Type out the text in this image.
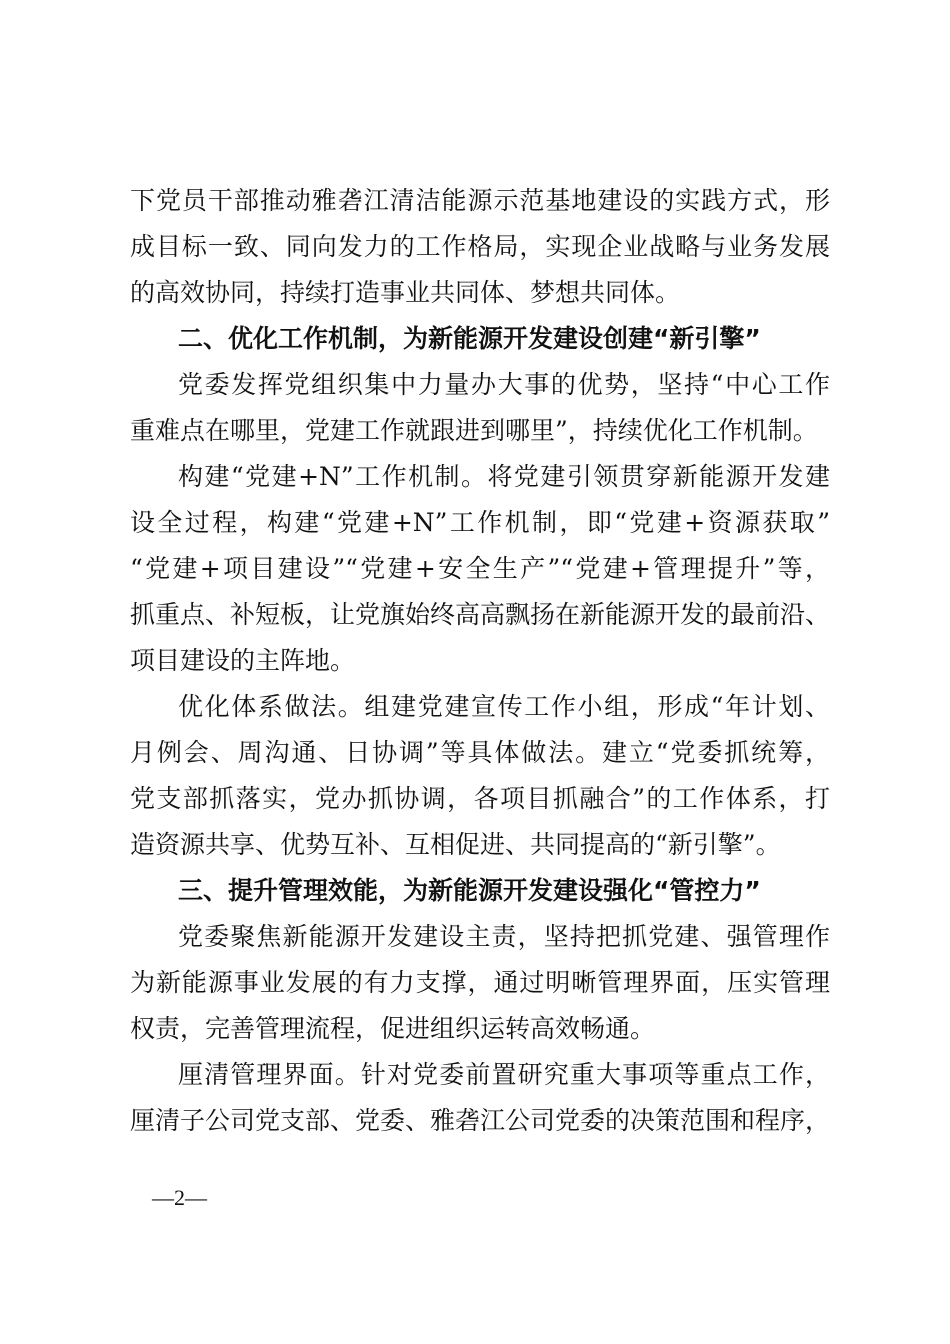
下党员干部推动雅砻江清洁能源示范基地建设的实践方式，形
成目标一致、同向发力的工作格局，实现企业战略与业务发展
的高效协同，持续打造事业共同体、梦想共同体。
二、优化工作机制，为新能源开发建设创建“新引擎”
党委发挥党组织集中力量办大事的优势，坚持“中心工作
重难点在哪里，党建工作就跟进到哪里”，持续优化工作机制。
构建“党建+N”工作机制。将党建引领贯穿新能源开发建
设全过程，构建“党建+N”工作机制，即“党建+资源获取”
“党建+项目建设”“党建+安全生产”“党建+管理提升”等，
抓重点、补短板，让党旗始终高高飘扬在新能源开发的最前沿、
项目建设的主阵地。
优化体系做法。组建党建宣传工作小组，形成“年计划、
月例会、周沟通、日协调”等具体做法。建立“党委抓统筹，
党支部抓落实，党办抓协调，各项目抓融合”的工作体系，打
造资源共享、优势互补、互相促进、共同提高的“新引擎”。
三、提升管理效能，为新能源开发建设强化“管控力”
党委聚焦新能源开发建设主责，坚持把抓党建、强管理作
为新能源事业发展的有力支撑，通过明晰管理界面，压实管理
权责，完善管理流程，促进组织运转高效畅通。
厘清管理界面。针对党委前置研究重大事项等重点工作，
厘清子公司党支部、党委、雅砻江公司党委的决策范围和程序，
—2—
